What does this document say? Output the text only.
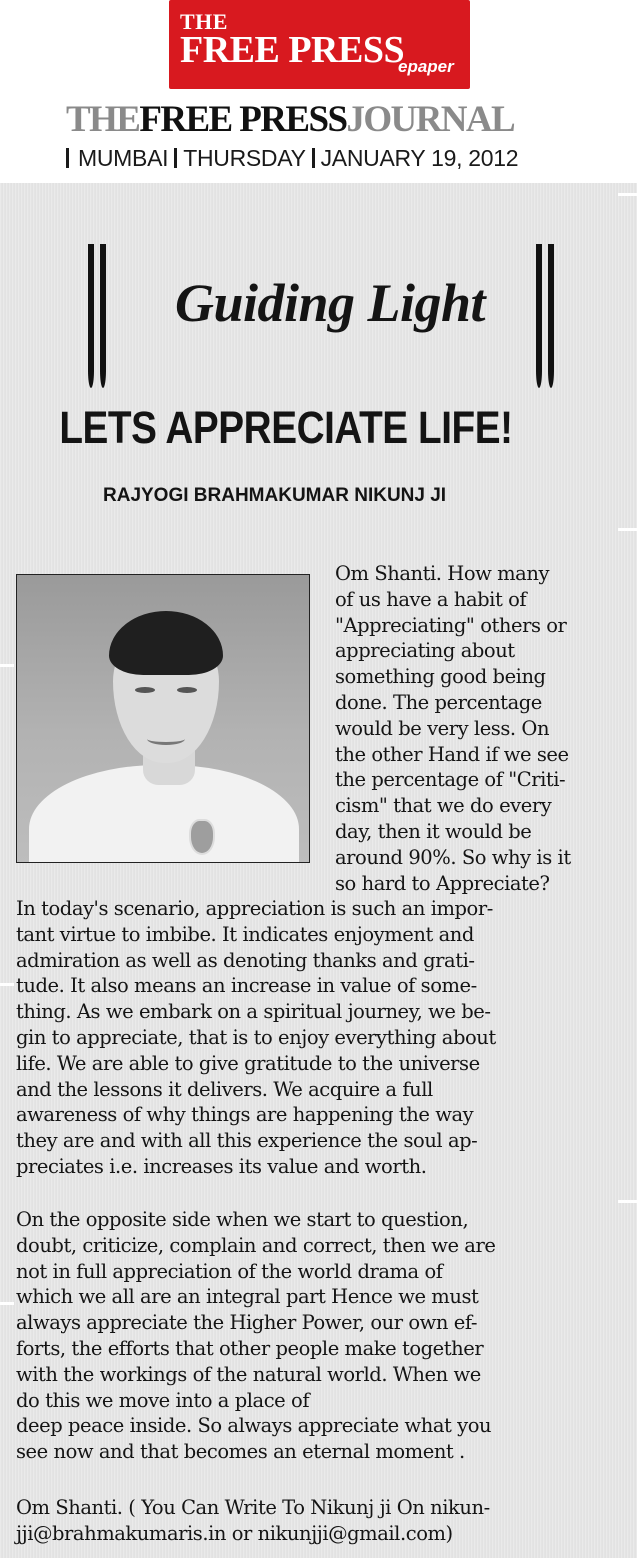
THE
FREE PRESS
epaper
THEFREE PRESSJOURNAL
MUMBAI THURSDAY JANUARY 19, 2012
Guiding Light
LETS APPRECIATE LIFE!
RAJYOGI BRAHMAKUMAR NIKUNJ JI
Om Shanti. How many
of us have a habit of
"Appreciating" others or
appreciating about
something good being
done. The percentage
would be very less. On
the other Hand if we see
the percentage of "Criti-
cism" that we do every
day, then it would be
around 90%. So why is it
so hard to Appreciate?
In today's scenario, appreciation is such an impor-
tant virtue to imbibe. It indicates enjoyment and
admiration as well as denoting thanks and grati-
tude. It also means an increase in value of some-
thing. As we embark on a spiritual journey, we be-
gin to appreciate, that is to enjoy everything about
life. We are able to give gratitude to the universe
and the lessons it delivers. We acquire a full
awareness of why things are happening the way
they are and with all this experience the soul ap-
preciates i.e. increases its value and worth.
On the opposite side when we start to question,
doubt, criticize, complain and correct, then we are
not in full appreciation of the world drama of
which we all are an integral part Hence we must
always appreciate the Higher Power, our own ef-
forts, the efforts that other people make together
with the workings of the natural world. When we
do this we move into a place of
deep peace inside. So always appreciate what you
see now and that becomes an eternal moment .
Om Shanti. ( You Can Write To Nikunj ji On nikun-
jji@brahmakumaris.in or nikunjji@gmail.com)
